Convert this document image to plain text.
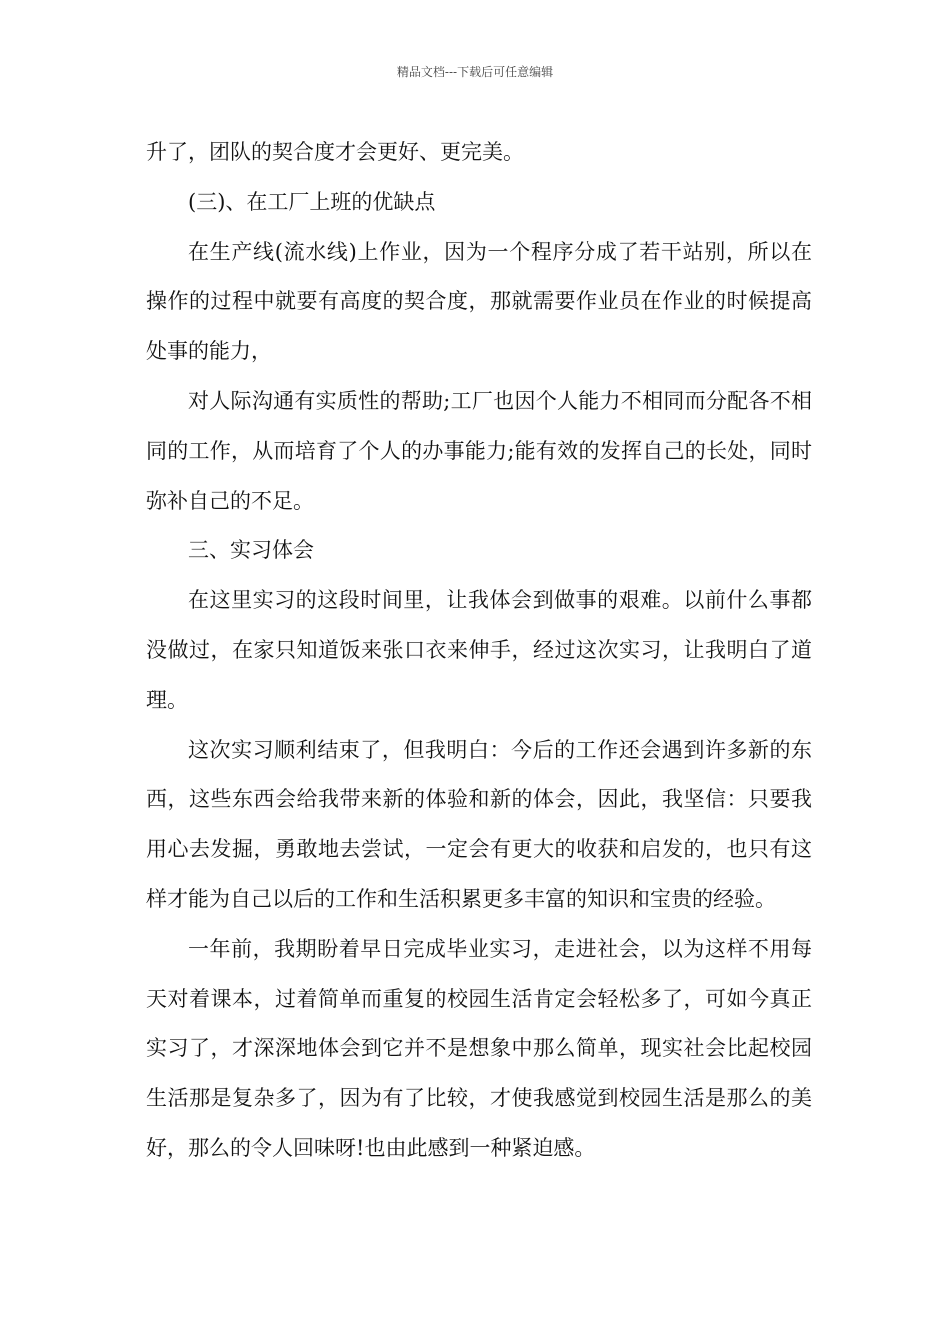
精品文档---下载后可任意编辑

升了，团队的契合度才会更好、更完美。

(三)、在工厂上班的优缺点

在生产线(流水线)上作业，因为一个程序分成了若干站别，所以在操作的过程中就要有高度的契合度，那就需要作业员在作业的时候提高处事的能力，

对人际沟通有实质性的帮助;工厂也因个人能力不相同而分配各不相同的工作，从而培育了个人的办事能力;能有效的发挥自己的长处，同时弥补自己的不足。

三、实习体会

在这里实习的这段时间里，让我体会到做事的艰难。以前什么事都没做过，在家只知道饭来张口衣来伸手，经过这次实习，让我明白了道理。

这次实习顺利结束了，但我明白：今后的工作还会遇到许多新的东西，这些东西会给我带来新的体验和新的体会，因此，我坚信：只要我用心去发掘，勇敢地去尝试，一定会有更大的收获和启发的，也只有这样才能为自己以后的工作和生活积累更多丰富的知识和宝贵的经验。

一年前，我期盼着早日完成毕业实习，走进社会，以为这样不用每天对着课本，过着简单而重复的校园生活肯定会轻松多了，可如今真正实习了，才深深地体会到它并不是想象中那么简单，现实社会比起校园生活那是复杂多了，因为有了比较，才使我感觉到校园生活是那么的美好，那么的令人回味呀!也由此感到一种紧迫感。
